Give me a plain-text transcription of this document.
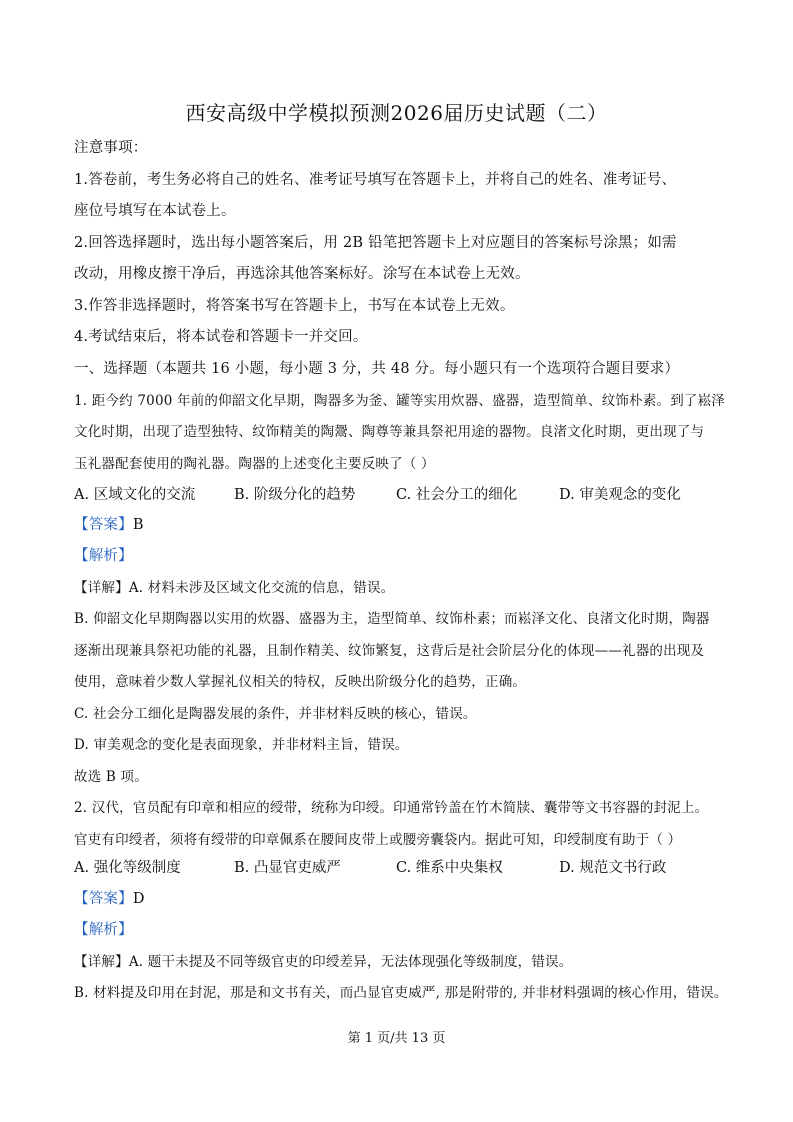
西安高级中学模拟预测2026届历史试题（二）
注意事项：
1.答卷前，考生务必将自己的姓名、准考证号填写在答题卡上，并将自己的姓名、准考证号、
座位号填写在本试卷上。
2.回答选择题时，选出每小题答案后，用 2B 铅笔把答题卡上对应题目的答案标号涂黑；如需
改动，用橡皮擦干净后，再选涂其他答案标好。涂写在本试卷上无效。
3.作答非选择题时，将答案书写在答题卡上，书写在本试卷上无效。
4.考试结束后，将本试卷和答题卡一并交回。
一、选择题（本题共 16 小题，每小题 3 分，共 48 分。每小题只有一个选项符合题目要求）
1. 距今约 7000 年前的仰韶文化早期，陶器多为釜、罐等实用炊器、盛器，造型简单、纹饰朴素。到了崧泽
文化时期，出现了造型独特、纹饰精美的陶鬶、陶尊等兼具祭祀用途的器物。良渚文化时期，更出现了与
玉礼器配套使用的陶礼器。陶器的上述变化主要反映了（ ）
A. 区域文化的交流	B. 阶级分化的趋势	C. 社会分工的细化	D. 审美观念的变化
【答案】B
【解析】
【详解】A. 材料未涉及区域文化交流的信息，错误。
B. 仰韶文化早期陶器以实用的炊器、盛器为主，造型简单、纹饰朴素；而崧泽文化、良渚文化时期，陶器
逐渐出现兼具祭祀功能的礼器，且制作精美、纹饰繁复，这背后是社会阶层分化的体现——礼器的出现及
使用，意味着少数人掌握礼仪相关的特权，反映出阶级分化的趋势，正确。
C. 社会分工细化是陶器发展的条件，并非材料反映的核心，错误。
D. 审美观念的变化是表面现象，并非材料主旨，错误。
故选 B 项。
2. 汉代，官员配有印章和相应的绶带，统称为印绶。印通常钤盖在竹木简牍、囊带等文书容器的封泥上。
官吏有印绶者，须将有绶带的印章佩系在腰间皮带上或腰旁囊袋内。据此可知，印绶制度有助于（ ）
A. 强化等级制度	B. 凸显官吏威严	C. 维系中央集权	D. 规范文书行政
【答案】D
【解析】
【详解】A. 题干未提及不同等级官吏的印绶差异，无法体现强化等级制度，错误。
B. 材料提及印用在封泥，那是和文书有关，而凸显官吏威严, 那是附带的, 并非材料强调的核心作用，错误。
第 1 页/共 13 页
